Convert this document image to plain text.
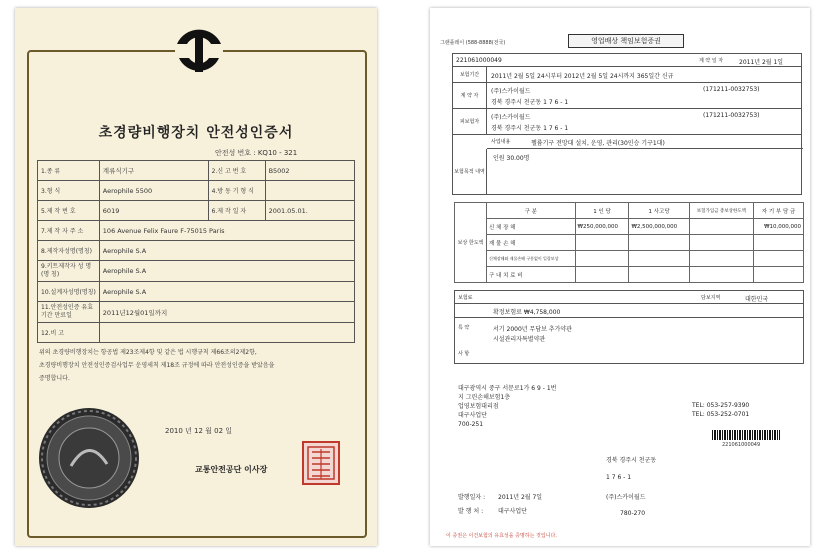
초경량비행장치 안전성인증서
안전성 번호 : KQ10 - 321
1.종 류	계류식기구	2.신 고 번 호	B5002
3.형 식	Aerophile 5500	4.방 동 기 형 식	
5.제 작 번 호	6019	6.제 작 일 자	2001.05.01.
7.제 작 자 주 소	106 Avenue Felix Faure F-75015 Paris		
8.제작자성명(명칭)	Aerophile S.A		
9.키트제작자 성 명 (명 칭)	Aerophile S.A		
10.설계자성명(명칭)	Aerophile S.A		
11.안전성인증 유효기간 만료일	2011년12월01일까지		
12.비 고			
위의 초경량비행장치는 항공법 제23조제4항 및 같은 법 시행규칙 제66조의2제2항,
초경량비행장치 안전성인증검사업무 운영세칙 제18조 규정에 따라 안전성인증을 받았음을
증명합니다.
2010 년 12 월 02 일
교통안전공단 이사장
그랜플레이 (588-8888(전국)	영업배상 책임보험증권
221061000049	계 약 일 자	2011년 2월 1일
보험기간	2011년 2월 5일 24시부터 2012년 2월 5일 24시까지 365일간 신규
계 약 자
(주)스카이월드	(171211-0032753)
경북 경주시 천군동 1 7 6 - 1
피보험자
(주)스카이월드	(171211-0032753)
경북 경주시 천군동 1 7 6 - 1
사업내용	헬륨기구 전망대 설치, 운영, 관리(30인승 기구1대)
보험목적 내역
인원 30.00명
보상 한도액	구 분	1 인 당	1 사고당	보험가입금 총보상한도액	자 기 부 담 금
	신 체 장 해	₩250,000,000	₩2,500,000,000		₩10,000,000
	재 물 손 해				
	신체장해와 재물손해 구분없이 일괄보상				
	구 내 치 료 비				
보험료	담보지역	대한민국
확정보험료 ₩4,758,000
특 약	서기 2000년 무담보 추가약관
시설관리자특별약관
사 항
대구광역시 중구 서문로1가 6 9 - 1번
지 그린손해보험1층
업영보험대리점
대구사업단
700-251
TEL: 053-257-9390
TEL: 053-252-0701
221061000049
경북 경주시 천군동
1 7 6 - 1
발행일자 : 2011년 2월 7일	(주)스카이월드
발 행 처 : 대구사업단	780-270
이 증권은 이건보험의 유효성을 증명하는 것입니다.
